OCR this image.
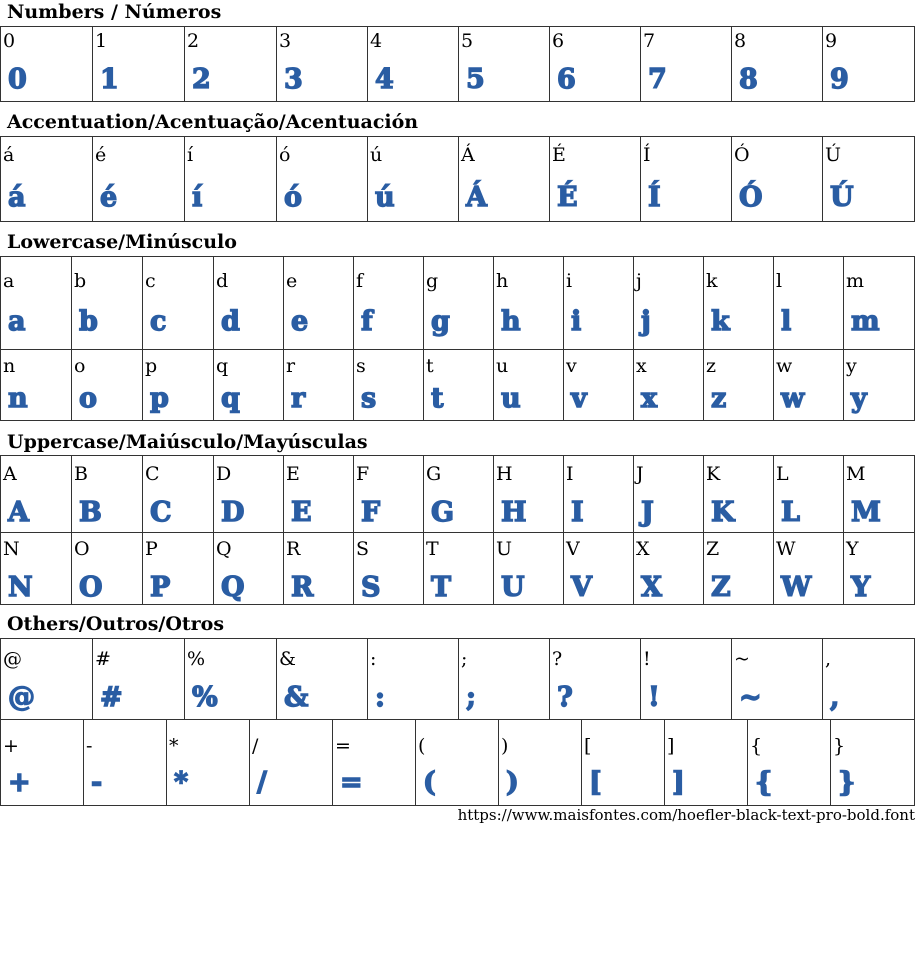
Numbers / Números
Accentuation/Acentuação/Acentuación
Lowercase/Minúsculo
Uppercase/Maiúsculo/Mayúsculas
Others/Outros/Otros
0
0
1
1
2
2
3
3
4
4
5
5
6
6
7
7
8
8
9
9
á
á
é
é
í
í
ó
ó
ú
ú
Á
Á
É
É
Í
Í
Ó
Ó
Ú
Ú
a
a
b
b
c
c
d
d
e
e
f
f
g
g
h
h
i
i
j
j
k
k
l
l
m
m
n
n
o
o
p
p
q
q
r
r
s
s
t
t
u
u
v
v
x
x
z
z
w
w
y
y
A
A
B
B
C
C
D
D
E
E
F
F
G
G
H
H
I
I
J
J
K
K
L
L
M
M
N
N
O
O
P
P
Q
Q
R
R
S
S
T
T
U
U
V
V
X
X
Z
Z
W
W
Y
Y
@
@
#
#
%
%
&
&
:
:
;
;
?
?
!
!
~
~
,
,
+
+
-
-
*
*
/
/
=
=
(
(
)
)
[
[
]
]
{
{
}
}
https://www.maisfontes.com/hoefler-black-text-pro-bold.font
